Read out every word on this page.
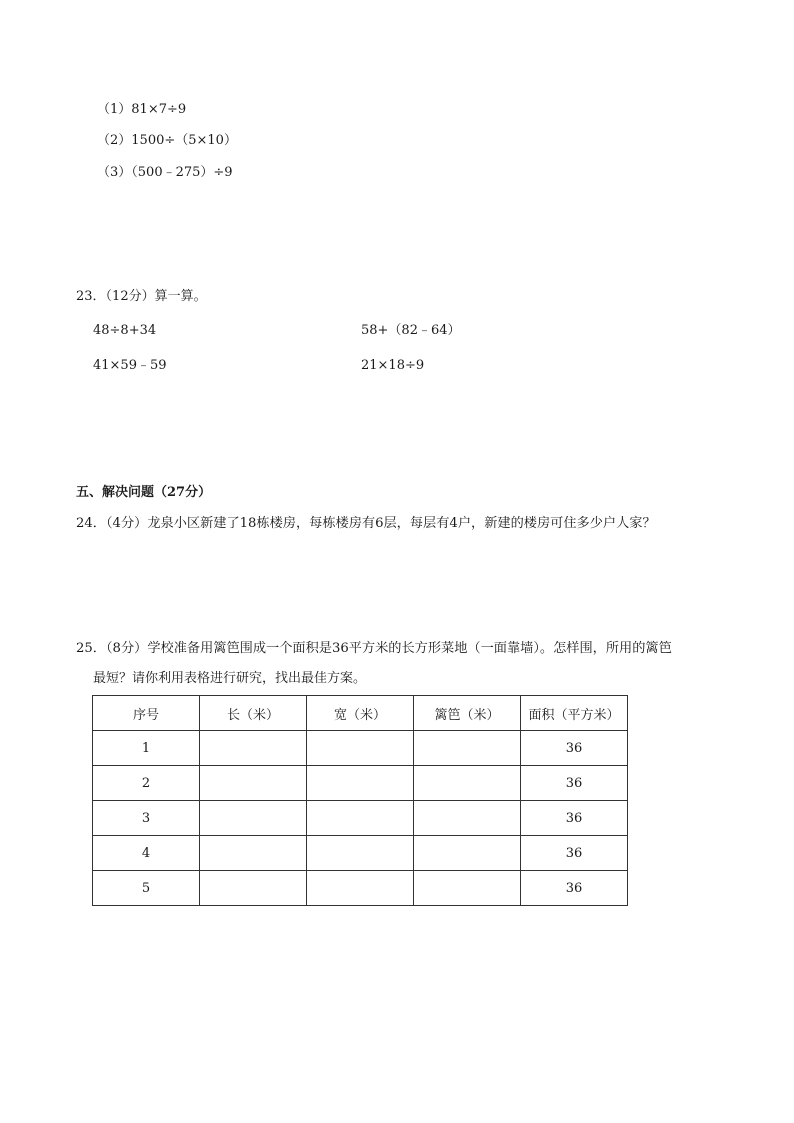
（1）81×7÷9
（2）1500÷（5×10）
（3）（500﹣275）÷9
23．（12分）算一算。
48÷8+34	58+（82﹣64）
41×59﹣59	21×18÷9
五、解决问题（27分）
24．（4分）龙泉小区新建了18栋楼房，每栋楼房有6层，每层有4户，新建的楼房可住多少户人家？
25．（8分）学校准备用篱笆围成一个面积是36平方米的长方形菜地（一面靠墙）。怎样围，所用的篱笆
最短？请你利用表格进行研究，找出最佳方案。
序号	长（米）	宽（米）	篱笆（米）	面积（平方米）
1				36
2				36
3				36
4				36
5				36
